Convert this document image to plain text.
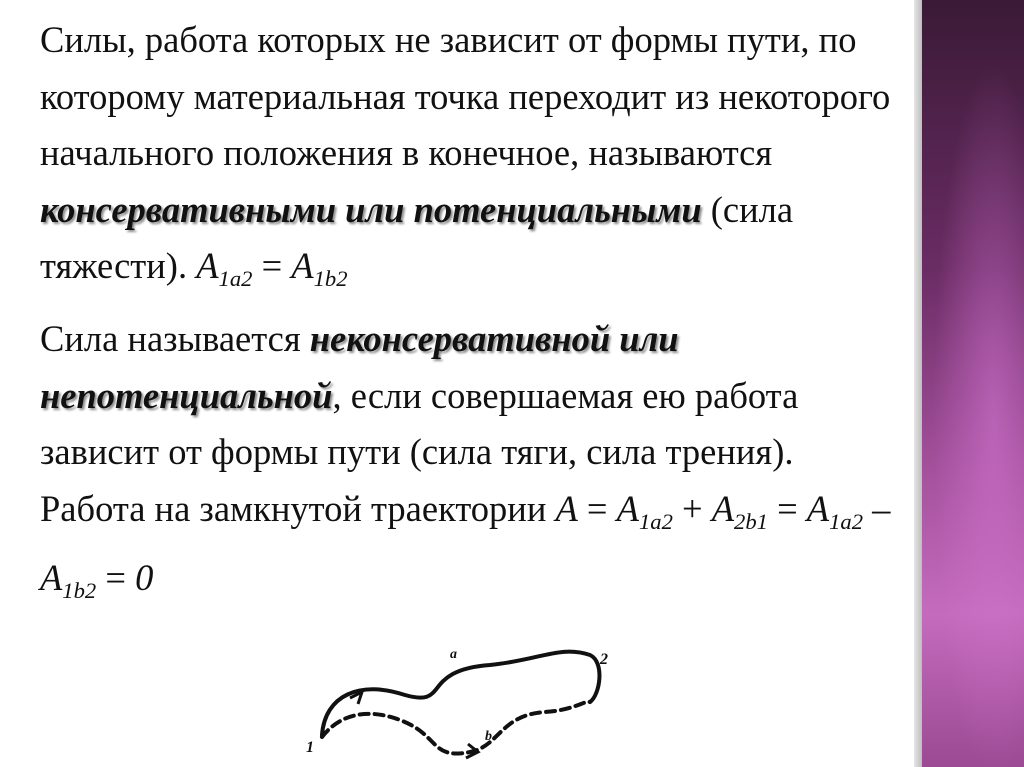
Силы, работа которых не зависит от формы пути, по которому материальная точка переходит из некоторого начального положения в конечное, называются консервативными или потенциальными (сила тяжести). $A_{1a2} = A_{1b2}$

Сила называется неконсервативной или непотенциальной, если совершаемая ею работа зависит от формы пути (сила тяги, сила трения). Работа на замкнутой траектории $A = A_{1a2} + A_{2b1} = A_{1a2} - A_{1b2} = 0$

1
2
a
b
